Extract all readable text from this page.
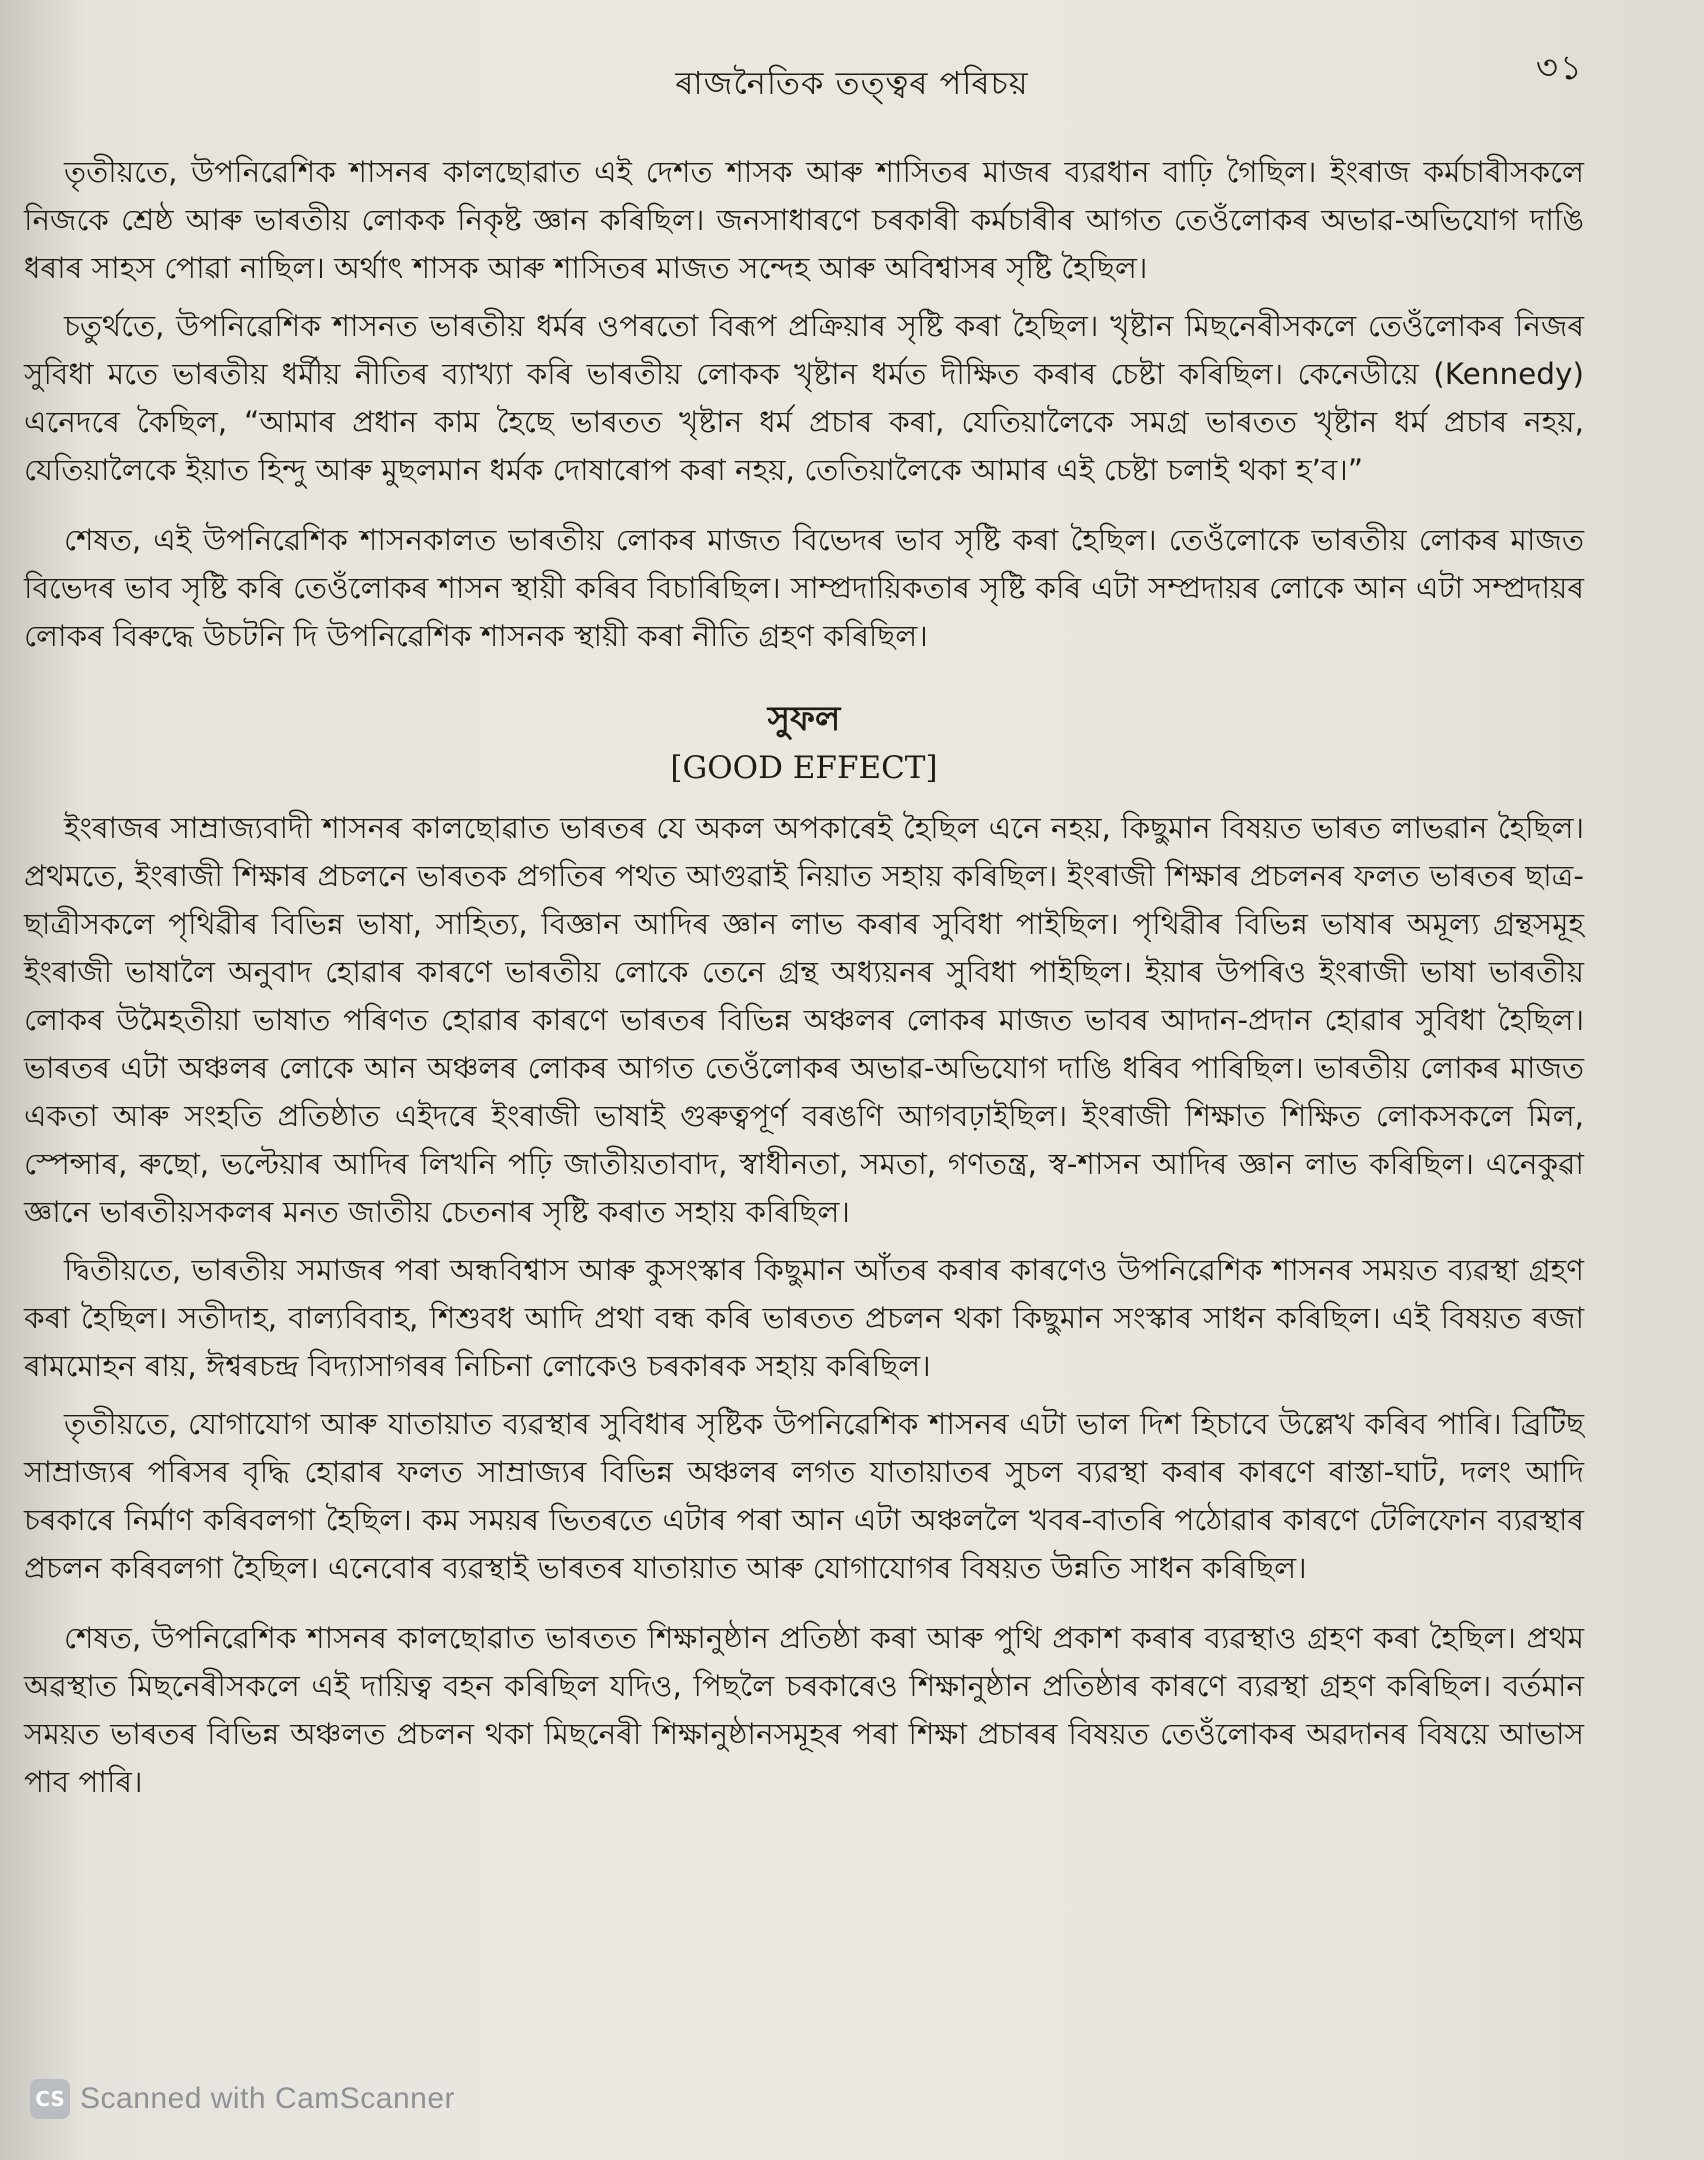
৩১
ৰাজনৈতিক তত্ত্বৰ পৰিচয়

তৃতীয়তে, উপনিৱেশিক শাসনৰ কালছোৱাত এই দেশত শাসক আৰু শাসিতৰ মাজৰ ব্যৱধান বাঢ়ি গৈছিল। ইংৰাজ কৰ্মচাৰীসকলে নিজকে শ্ৰেষ্ঠ আৰু ভাৰতীয় লোকক নিকৃষ্ট জ্ঞান কৰিছিল। জনসাধাৰণে চৰকাৰী কৰ্মচাৰীৰ আগত তেওঁলোকৰ অভাৱ-অভিযোগ দাঙি ধৰাৰ সাহস পোৱা নাছিল। অৰ্থাৎ শাসক আৰু শাসিতৰ মাজত সন্দেহ আৰু অবিশ্বাসৰ সৃষ্টি হৈছিল।

চতুৰ্থতে, উপনিৱেশিক শাসনত ভাৰতীয় ধৰ্মৰ ওপৰতো বিৰূপ প্ৰক্ৰিয়াৰ সৃষ্টি কৰা হৈছিল। খৃষ্টান মিছনেৰীসকলে তেওঁলোকৰ নিজৰ সুবিধা মতে ভাৰতীয় ধৰ্মীয় নীতিৰ ব্যাখ্যা কৰি ভাৰতীয় লোকক খৃষ্টান ধৰ্মত দীক্ষিত কৰাৰ চেষ্টা কৰিছিল। কেনেডীয়ে (Kennedy) এনেদৰে কৈছিল, “আমাৰ প্ৰধান কাম হৈছে ভাৰতত খৃষ্টান ধৰ্ম প্ৰচাৰ কৰা, যেতিয়ালৈকে সমগ্ৰ ভাৰতত খৃষ্টান ধৰ্ম প্ৰচাৰ নহয়, যেতিয়ালৈকে ইয়াত হিন্দু আৰু মুছলমান ধৰ্মক দোষাৰোপ কৰা নহয়, তেতিয়ালৈকে আমাৰ এই চেষ্টা চলাই থকা হ’ব।”

শেষত, এই উপনিৱেশিক শাসনকালত ভাৰতীয় লোকৰ মাজত বিভেদৰ ভাব সৃষ্টি কৰা হৈছিল। তেওঁলোকে ভাৰতীয় লোকৰ মাজত বিভেদৰ ভাব সৃষ্টি কৰি তেওঁলোকৰ শাসন স্থায়ী কৰিব বিচাৰিছিল। সাম্প্ৰদায়িকতাৰ সৃষ্টি কৰি এটা সম্প্ৰদায়ৰ লোকে আন এটা সম্প্ৰদায়ৰ লোকৰ বিৰুদ্ধে উচটনি দি উপনিৱেশিক শাসনক স্থায়ী কৰা নীতি গ্ৰহণ কৰিছিল।

সুফল
[GOOD EFFECT]

ইংৰাজৰ সাম্ৰাজ্যবাদী শাসনৰ কালছোৱাত ভাৰতৰ যে অকল অপকাৰেই হৈছিল এনে নহয়, কিছুমান বিষয়ত ভাৰত লাভৱান হৈছিল। প্ৰথমতে, ইংৰাজী শিক্ষাৰ প্ৰচলনে ভাৰতক প্ৰগতিৰ পথত আগুৱাই নিয়াত সহায় কৰিছিল। ইংৰাজী শিক্ষাৰ প্ৰচলনৰ ফলত ভাৰতৰ ছাত্ৰ-ছাত্ৰীসকলে পৃথিৱীৰ বিভিন্ন ভাষা, সাহিত্য, বিজ্ঞান আদিৰ জ্ঞান লাভ কৰাৰ সুবিধা পাইছিল। পৃথিৱীৰ বিভিন্ন ভাষাৰ অমূল্য গ্ৰন্থসমূহ ইংৰাজী ভাষালৈ অনুবাদ হোৱাৰ কাৰণে ভাৰতীয় লোকে তেনে গ্ৰন্থ অধ্যয়নৰ সুবিধা পাইছিল। ইয়াৰ উপৰিও ইংৰাজী ভাষা ভাৰতীয় লোকৰ উমৈহতীয়া ভাষাত পৰিণত হোৱাৰ কাৰণে ভাৰতৰ বিভিন্ন অঞ্চলৰ লোকৰ মাজত ভাবৰ আদান-প্ৰদান হোৱাৰ সুবিধা হৈছিল। ভাৰতৰ এটা অঞ্চলৰ লোকে আন অঞ্চলৰ লোকৰ আগত তেওঁলোকৰ অভাৱ-অভিযোগ দাঙি ধৰিব পাৰিছিল। ভাৰতীয় লোকৰ মাজত একতা আৰু সংহতি প্ৰতিষ্ঠাত এইদৰে ইংৰাজী ভাষাই গুৰুত্বপূৰ্ণ বৰঙণি আগবঢ়াইছিল। ইংৰাজী শিক্ষাত শিক্ষিত লোকসকলে মিল, স্পেন্সাৰ, ৰুছো, ভল্টেয়াৰ আদিৰ লিখনি পঢ়ি জাতীয়তাবাদ, স্বাধীনতা, সমতা, গণতন্ত্ৰ, স্ব-শাসন আদিৰ জ্ঞান লাভ কৰিছিল। এনেকুৱা জ্ঞানে ভাৰতীয়সকলৰ মনত জাতীয় চেতনাৰ সৃষ্টি কৰাত সহায় কৰিছিল।

দ্বিতীয়তে, ভাৰতীয় সমাজৰ পৰা অন্ধবিশ্বাস আৰু কুসংস্কাৰ কিছুমান আঁতৰ কৰাৰ কাৰণেও উপনিৱেশিক শাসনৰ সময়ত ব্যৱস্থা গ্ৰহণ কৰা হৈছিল। সতীদাহ, বাল্যবিবাহ, শিশুবধ আদি প্ৰথা বন্ধ কৰি ভাৰতত প্ৰচলন থকা কিছুমান সংস্কাৰ সাধন কৰিছিল। এই বিষয়ত ৰজা ৰামমোহন ৰায়, ঈশ্বৰচন্দ্ৰ বিদ্যাসাগৰৰ নিচিনা লোকেও চৰকাৰক সহায় কৰিছিল।

তৃতীয়তে, যোগাযোগ আৰু যাতায়াত ব্যৱস্থাৰ সুবিধাৰ সৃষ্টিক উপনিৱেশিক শাসনৰ এটা ভাল দিশ হিচাবে উল্লেখ কৰিব পাৰি। ব্ৰিটিছ সাম্ৰাজ্যৰ পৰিসৰ বৃদ্ধি হোৱাৰ ফলত সাম্ৰাজ্যৰ বিভিন্ন অঞ্চলৰ লগত যাতায়াতৰ সুচল ব্যৱস্থা কৰাৰ কাৰণে ৰাস্তা-ঘাট, দলং আদি চৰকাৰে নিৰ্মাণ কৰিবলগা হৈছিল। কম সময়ৰ ভিতৰতে এটাৰ পৰা আন এটা অঞ্চললৈ খবৰ-বাতৰি পঠোৱাৰ কাৰণে টেলিফোন ব্যৱস্থাৰ প্ৰচলন কৰিবলগা হৈছিল। এনেবোৰ ব্যৱস্থাই ভাৰতৰ যাতায়াত আৰু যোগাযোগৰ বিষয়ত উন্নতি সাধন কৰিছিল।

শেষত, উপনিৱেশিক শাসনৰ কালছোৱাত ভাৰতত শিক্ষানুষ্ঠান প্ৰতিষ্ঠা কৰা আৰু পুথি প্ৰকাশ কৰাৰ ব্যৱস্থাও গ্ৰহণ কৰা হৈছিল। প্ৰথম অৱস্থাত মিছনেৰীসকলে এই দায়িত্ব বহন কৰিছিল যদিও, পিছলৈ চৰকাৰেও শিক্ষানুষ্ঠান প্ৰতিষ্ঠাৰ কাৰণে ব্যৱস্থা গ্ৰহণ কৰিছিল। বৰ্তমান সময়ত ভাৰতৰ বিভিন্ন অঞ্চলত প্ৰচলন থকা মিছনেৰী শিক্ষানুষ্ঠানসমূহৰ পৰা শিক্ষা প্ৰচাৰৰ বিষয়ত তেওঁলোকৰ অৱদানৰ বিষয়ে আভাস পাব পাৰি।

CS Scanned with CamScanner
